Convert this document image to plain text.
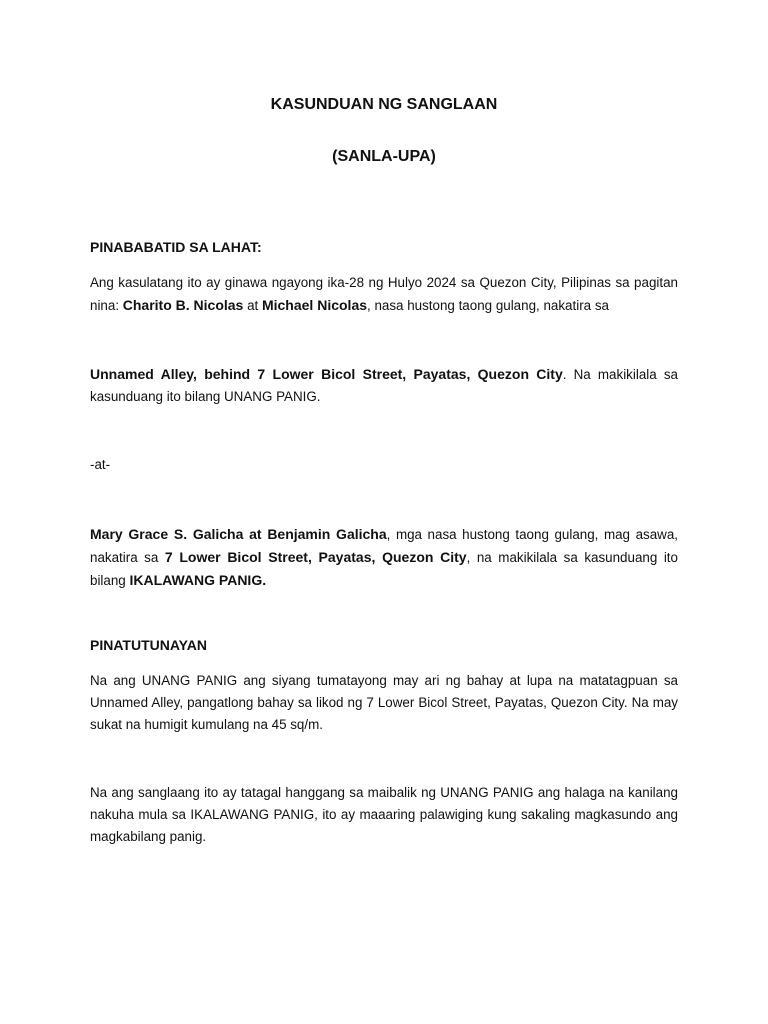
KASUNDUAN NG SANGLAAN
(SANLA-UPA)
PINABABATID SA LAHAT:

Ang kasulatang ito ay ginawa ngayong ika-28 ng Hulyo 2024 sa Quezon City, Pilipinas sa pagitan nina: Charito B. Nicolas at Michael Nicolas, nasa hustong taong gulang, nakatira sa

Unnamed Alley, behind 7 Lower Bicol Street, Payatas, Quezon City. Na makikilala sa kasunduang ito bilang UNANG PANIG.

-at-

Mary Grace S. Galicha at Benjamin Galicha, mga nasa hustong taong gulang, mag asawa, nakatira sa 7 Lower Bicol Street, Payatas, Quezon City, na makikilala sa kasunduang ito bilang IKALAWANG PANIG.

PINATUTUNAYAN

Na ang UNANG PANIG ang siyang tumatayong may ari ng bahay at lupa na matatagpuan sa Unnamed Alley, pangatlong bahay sa likod ng 7 Lower Bicol Street, Payatas, Quezon City. Na may sukat na humigit kumulang na 45 sq/m.

Na ang sanglaang ito ay tatagal hanggang sa maibalik ng UNANG PANIG ang halaga na kanilang nakuha mula sa IKALAWANG PANIG, ito ay maaaring palawiging kung sakaling magkasundo ang magkabilang panig.
